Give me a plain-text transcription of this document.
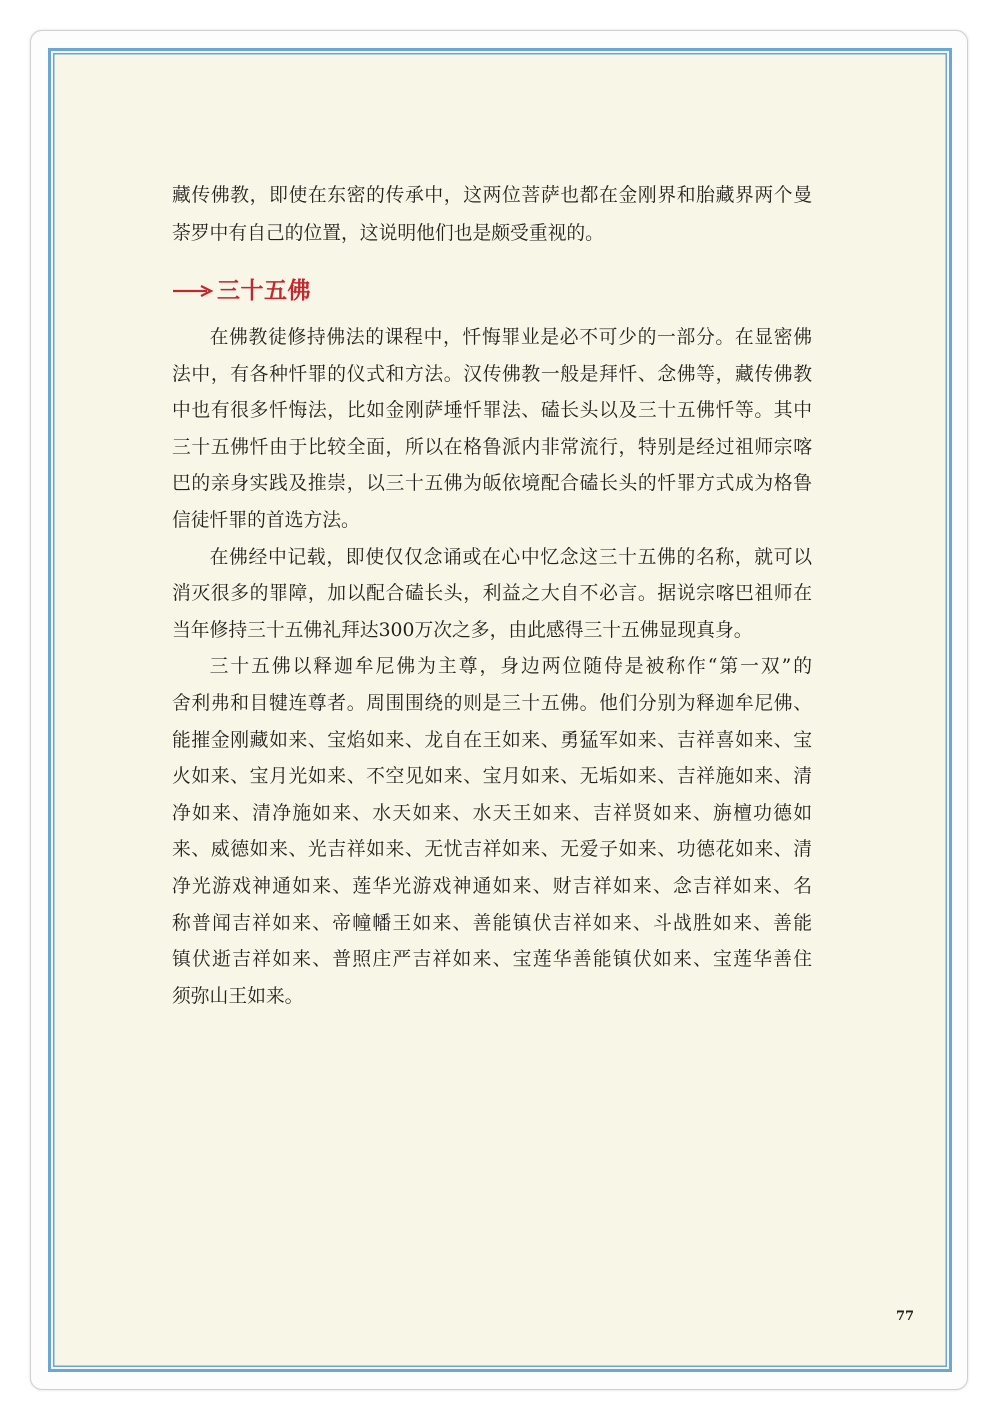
藏传佛教，即使在东密的传承中，这两位菩萨也都在金刚界和胎藏界两个曼
荼罗中有自己的位置，这说明他们也是颇受重视的。
三十五佛
在佛教徒修持佛法的课程中，忏悔罪业是必不可少的一部分。在显密佛
法中，有各种忏罪的仪式和方法。汉传佛教一般是拜忏、念佛等，藏传佛教
中也有很多忏悔法，比如金刚萨埵忏罪法、磕长头以及三十五佛忏等。其中
三十五佛忏由于比较全面，所以在格鲁派内非常流行，特别是经过祖师宗喀
巴的亲身实践及推崇，以三十五佛为皈依境配合磕长头的忏罪方式成为格鲁
信徒忏罪的首选方法。
在佛经中记载，即使仅仅念诵或在心中忆念这三十五佛的名称，就可以
消灭很多的罪障，加以配合磕长头，利益之大自不必言。据说宗喀巴祖师在
当年修持三十五佛礼拜达300万次之多，由此感得三十五佛显现真身。
三十五佛以释迦牟尼佛为主尊，身边两位随侍是被称作“第一双”的
舍利弗和目犍连尊者。周围围绕的则是三十五佛。他们分别为释迦牟尼佛、
能摧金刚藏如来、宝焰如来、龙自在王如来、勇猛军如来、吉祥喜如来、宝
火如来、宝月光如来、不空见如来、宝月如来、无垢如来、吉祥施如来、清
净如来、清净施如来、水天如来、水天王如来、吉祥贤如来、旃檀功德如
来、威德如来、光吉祥如来、无忧吉祥如来、无爱子如来、功德花如来、清
净光游戏神通如来、莲华光游戏神通如来、财吉祥如来、念吉祥如来、名
称普闻吉祥如来、帝幢幡王如来、善能镇伏吉祥如来、斗战胜如来、善能
镇伏逝吉祥如来、普照庄严吉祥如来、宝莲华善能镇伏如来、宝莲华善住
须弥山王如来。
77
